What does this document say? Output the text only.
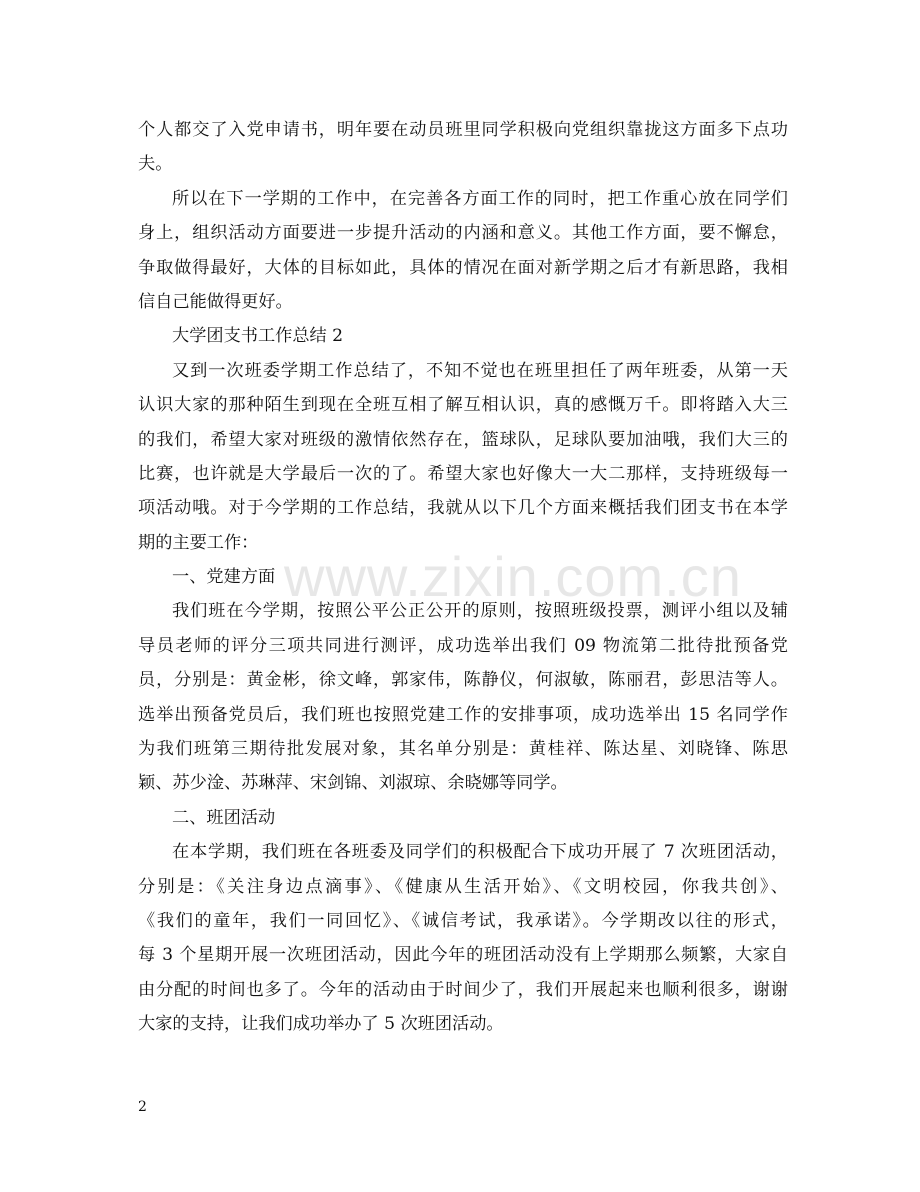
个人都交了入党申请书，明年要在动员班里同学积极向党组织靠拢这方面多下点功
夫。
所以在下一学期的工作中，在完善各方面工作的同时，把工作重心放在同学们
身上，组织活动方面要进一步提升活动的内涵和意义。其他工作方面，要不懈怠，
争取做得最好，大体的目标如此，具体的情况在面对新学期之后才有新思路，我相
信自己能做得更好。
大学团支书工作总结 2
又到一次班委学期工作总结了，不知不觉也在班里担任了两年班委，从第一天
认识大家的那种陌生到现在全班互相了解互相认识，真的感慨万千。即将踏入大三
的我们，希望大家对班级的激情依然存在，篮球队，足球队要加油哦，我们大三的
比赛，也许就是大学最后一次的了。希望大家也好像大一大二那样，支持班级每一
项活动哦。对于今学期的工作总结，我就从以下几个方面来概括我们团支书在本学
期的主要工作：
一、党建方面
我们班在今学期，按照公平公正公开的原则，按照班级投票，测评小组以及辅
导员老师的评分三项共同进行测评，成功选举出我们 09 物流第二批待批预备党
员，分别是：黄金彬，徐文峰，郭家伟，陈静仪，何淑敏，陈丽君，彭思洁等人。
选举出预备党员后，我们班也按照党建工作的安排事项，成功选举出 15 名同学作
为我们班第三期待批发展对象，其名单分别是：黄桂祥、陈达星、刘晓锋、陈思
颖、苏少淦、苏琳萍、宋剑锦、刘淑琼、余晓娜等同学。
二、班团活动
在本学期，我们班在各班委及同学们的积极配合下成功开展了 7 次班团活动，
分别是：《关注身边点滴事》、《健康从生活开始》、《文明校园，你我共创》、
《我们的童年，我们一同回忆》、《诚信考试，我承诺》。今学期改以往的形式，
每 3 个星期开展一次班团活动，因此今年的班团活动没有上学期那么频繁，大家自
由分配的时间也多了。今年的活动由于时间少了，我们开展起来也顺利很多，谢谢
大家的支持，让我们成功举办了 5 次班团活动。
www.zixin.com.cn
2
